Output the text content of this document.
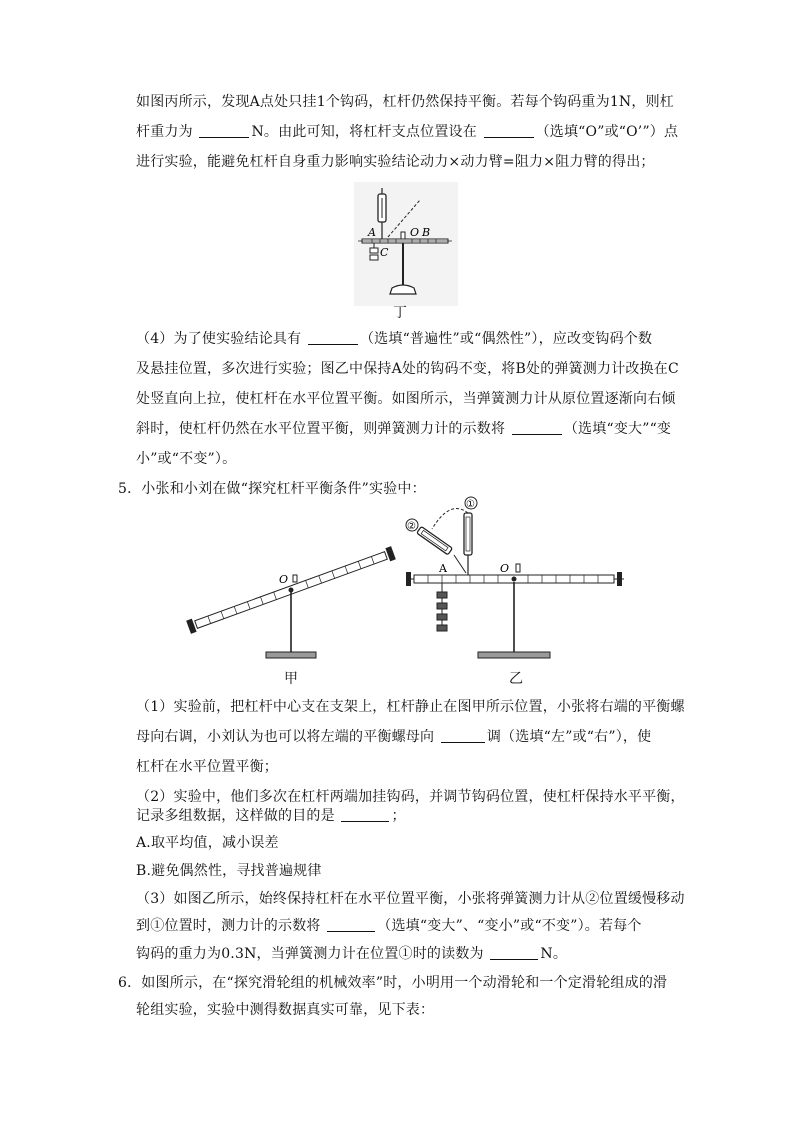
如图丙所示，发现A点处只挂1个钩码，杠杆仍然保持平衡。若每个钩码重为1N，则杠
杆重力为	N。由此可知，将杠杆支点位置设在	（选填“O”或“O’”）点
进行实验，能避免杠杆自身重力影响实验结论动力×动力臂=阻力×阻力臂的得出；
A
C
O B
丁
（4）为了使实验结论具有	（选填“普遍性”或“偶然性”），应改变钩码个数
及悬挂位置，多次进行实验；图乙中保持A处的钩码不变，将B处的弹簧测力计改换在C
处竖直向上拉，使杠杆在水平位置平衡。如图所示，当弹簧测力计从原位置逐渐向右倾
斜时，使杠杆仍然在水平位置平衡，则弹簧测力计的示数将	（选填“变大”“变
小”或“不变”）。
5．小张和小刘在做“探究杠杆平衡条件”实验中：
O
甲
①
②
A	O
乙
（1）实验前，把杠杆中心支在支架上，杠杆静止在图甲所示位置，小张将右端的平衡螺
母向右调，小刘认为也可以将左端的平衡螺母向	调（选填“左”或“右”），使
杠杆在水平位置平衡；
（2）实验中，他们多次在杠杆两端加挂钩码，并调节钩码位置，使杠杆保持水平平衡，
记录多组数据，这样做的目的是	；
A.取平均值，减小误差
B.避免偶然性，寻找普遍规律
（3）如图乙所示，始终保持杠杆在水平位置平衡，小张将弹簧测力计从②位置缓慢移动
到①位置时，测力计的示数将	（选填“变大”、“变小”或“不变”）。若每个
钩码的重力为0.3N，当弹簧测力计在位置①时的读数为	N。
6．如图所示，在“探究滑轮组的机械效率”时，小明用一个动滑轮和一个定滑轮组成的滑
轮组实验，实验中测得数据真实可靠，见下表：
